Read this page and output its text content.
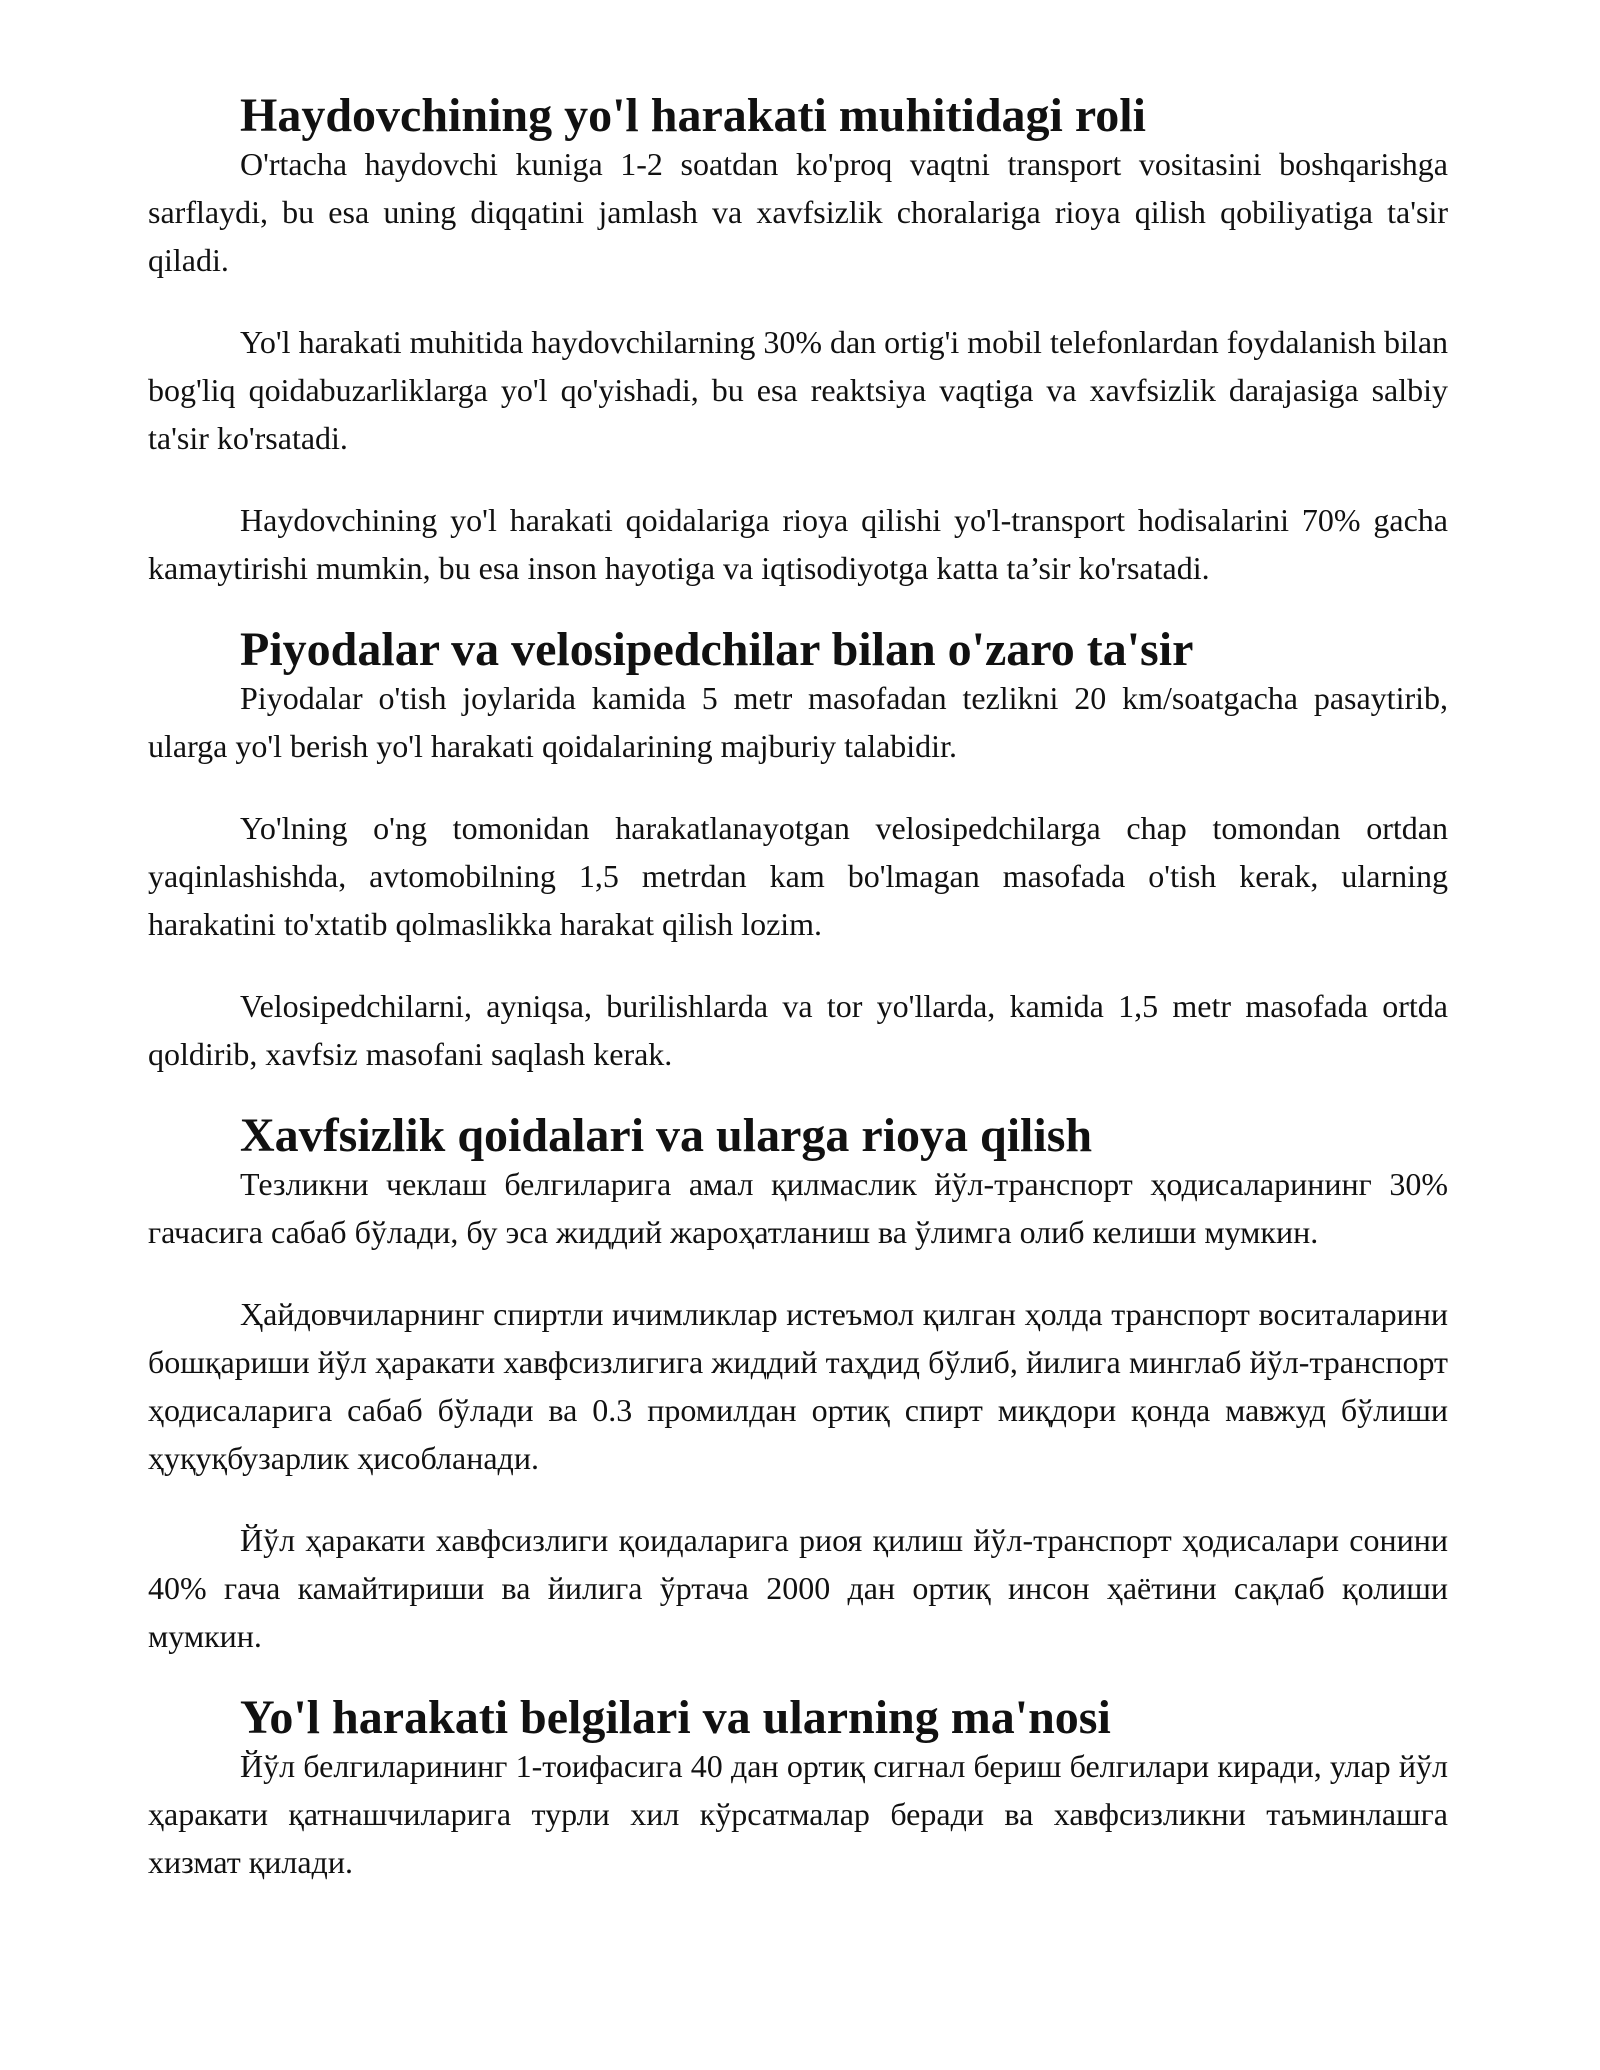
Haydovchining yo'l harakati muhitidagi roli

O'rtacha haydovchi kuniga 1-2 soatdan ko'proq vaqtni transport vositasini boshqarishga sarflaydi, bu esa uning diqqatini jamlash va xavfsizlik choralariga rioya qilish qobiliyatiga ta'sir qiladi.

Yo'l harakati muhitida haydovchilarning 30% dan ortig'i mobil telefonlardan foydalanish bilan bog'liq qoidabuzarliklarga yo'l qo'yishadi, bu esa reaktsiya vaqtiga va xavfsizlik darajasiga salbiy ta'sir ko'rsatadi.

Haydovchining yo'l harakati qoidalariga rioya qilishi yo'l-transport hodisalarini 70% gacha kamaytirishi mumkin, bu esa inson hayotiga va iqtisodiyotga katta ta’sir ko'rsatadi.

Piyodalar va velosipedchilar bilan o'zaro ta'sir

Piyodalar o'tish joylarida kamida 5 metr masofadan tezlikni 20 km/soatgacha pasaytirib, ularga yo'l berish yo'l harakati qoidalarining majburiy talabidir.

Yo'lning o'ng tomonidan harakatlanayotgan velosipedchilarga chap tomondan ortdan yaqinlashishda, avtomobilning 1,5 metrdan kam bo'lmagan masofada o'tish kerak, ularning harakatini to'xtatib qolmaslikka harakat qilish lozim.

Velosipedchilarni, ayniqsa, burilishlarda va tor yo'llarda, kamida 1,5 metr masofada ortda qoldirib, xavfsiz masofani saqlash kerak.

Xavfsizlik qoidalari va ularga rioya qilish

Тезликни чеклаш белгиларига амал қилмаслик йўл-транспорт ҳодисаларининг 30% гачасига сабаб бўлади, бу эса жиддий жароҳатланиш ва ўлимга олиб келиши мумкин.

Ҳайдовчиларнинг спиртли ичимликлар истеъмол қилган ҳолда транспорт воситаларини бошқариши йўл ҳаракати хавфсизлигига жиддий таҳдид бўлиб, йилига минглаб йўл-транспорт ҳодисаларига сабаб бўлади ва 0.3 промилдан ортиқ спирт миқдори қонда мавжуд бўлиши ҳуқуқбузарлик ҳисобланади.

Йўл ҳаракати хавфсизлиги қоидаларига риоя қилиш йўл-транспорт ҳодисалари сонини 40% гача камайтириши ва йилига ўртача 2000 дан ортиқ инсон ҳаётини сақлаб қолиши мумкин.

Yo'l harakati belgilari va ularning ma'nosi

Йўл белгиларининг 1-тоифасига 40 дан ортиқ сигнал бериш белгилари киради, улар йўл ҳаракати қатнашчиларига турли хил кўрсатмалар беради ва хавфсизликни таъминлашга хизмат қилади.
